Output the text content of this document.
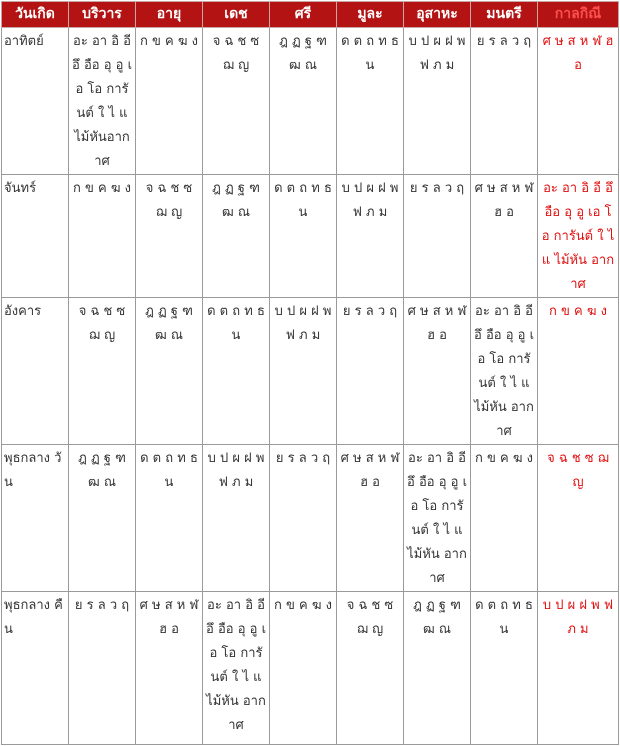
วันเกิด	บริวาร	อายุ	เดช	ศรี	มูละ	อุสาหะ	มนตรี	กาลกิณี
อาทิตย์	อะ อา อิ อี อึ อือ อุ อู เอ โอ การันต์ ใ ไ แ ไม้หันอากาศ	ก ข ค ฆ ง	จ ฉ ช ซ ฌ ญ	ฎ ฏ ฐ ฑ ฒ ณ	ด ต ถ ท ธ น	บ ป ผ ฝ พ ฟ ภ ม	ย ร ล ว ฤ	ศ ษ ส ห ฬ ฮ อ
จันทร์	ก ข ค ฆ ง	จ ฉ ช ซ ฌ ญ	ฎ ฏ ฐ ฑ ฒ ณ	ด ต ถ ท ธ น	บ ป ผ ฝ พ ฟ ภ ม	ย ร ล ว ฤ	ศ ษ ส ห ฬ ฮ อ	อะ อา อิ อี อึ อือ อุ อู เอ โอ การันต์ ใ ไ แ ไม้หัน อากาศ
อังคาร	จ ฉ ช ซ ฌ ญ	ฎ ฏ ฐ ฑ ฒ ณ	ด ต ถ ท ธ น	บ ป ผ ฝ พ ฟ ภ ม	ย ร ล ว ฤ	ศ ษ ส ห ฬ ฮ อ	อะ อา อิ อี อึ อือ อุ อู เอ โอ การันต์ ใ ไ แ ไม้หัน อากาศ	ก ข ค ฆ ง
พุธกลาง วัน	ฎ ฏ ฐ ฑ ฒ ณ	ด ต ถ ท ธ น	บ ป ผ ฝ พ ฟ ภ ม	ย ร ล ว ฤ	ศ ษ ส ห ฬ ฮ อ	อะ อา อิ อี อึ อือ อุ อู เอ โอ การันต์ ใ ไ แ ไม้หัน อากาศ	ก ข ค ฆ ง	จ ฉ ช ซ ฌ ญ
พุธกลาง คืน	ย ร ล ว ฤ	ศ ษ ส ห ฬ ฮ อ	อะ อา อิ อี อึ อือ อุ อู เอ โอ การันต์ ใ ไ แ ไม้หัน อากาศ	ก ข ค ฆ ง	จ ฉ ช ซ ฌ ญ	ฎ ฏ ฐ ฑ ฒ ณ	ด ต ถ ท ธ น	บ ป ผ ฝ พ ฟ ภ ม
